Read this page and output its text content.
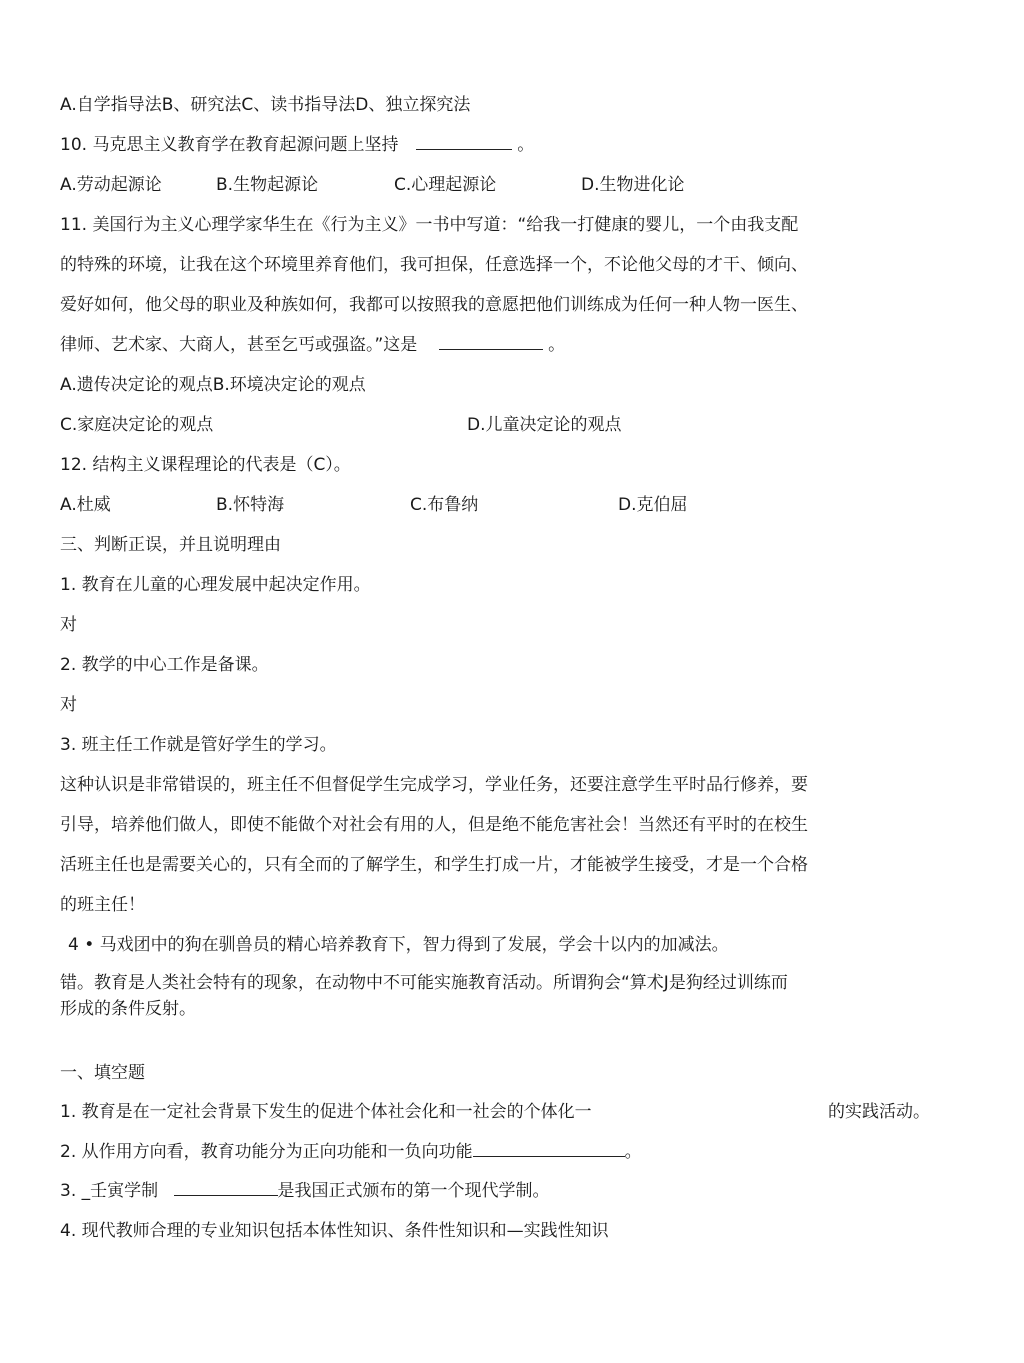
A.自学指导法B、研究法C、读书指导法D、独立探究法
10. 马克思主义教育学在教育起源问题上坚持	。
A.劳动起源论	B.生物起源论	C.心理起源论	D.生物进化论
11. 美国行为主义心理学家华生在《行为主义》一书中写道：“给我一打健康的婴儿，一个由我支配
的特殊的环境，让我在这个环境里养育他们，我可担保，任意选择一个，不论他父母的才干、倾向、
爱好如何，他父母的职业及种族如何，我都可以按照我的意愿把他们训练成为任何一种人物一医生、
律师、艺术家、大商人，甚至乞丐或强盗。”这是	。
A.遗传决定论的观点B.环境决定论的观点
C.家庭决定论的观点	D.儿童决定论的观点
12. 结构主义课程理论的代表是（C）。
A.杜威	B.怀特海	C.布鲁纳	D.克伯屈
三、判断正误，并且说明理由
1. 教育在儿童的心理发展中起决定作用。
对
2. 教学的中心工作是备课。
对
3. 班主任工作就是管好学生的学习。
这种认识是非常错误的，班主任不但督促学生完成学习，学业任务，还要注意学生平时品行修养，要
引导，培养他们做人，即使不能做个对社会有用的人，但是绝不能危害社会！当然还有平时的在校生
活班主任也是需要关心的，只有全而的了解学生，和学生打成一片，才能被学生接受，才是一个合格
的班主任！
4 • 马戏团中的狗在驯兽员的精心培养教育下，智力得到了发展，学会十以内的加减法。
错。教育是人类社会特有的现象，在动物中不可能实施教育活动。所谓狗会“算术J是狗经过训练而
形成的条件反射。
一、填空题
1. 教育是在一定社会背景下发生的促进个体社会化和一社会的个体化一	的实践活动。
2. 从作用方向看，教育功能分为正向功能和一负向功能	。
3. _壬寅学制	是我国正式颁布的第一个现代学制。
4. 现代教师合理的专业知识包括本体性知识、条件性知识和—实践性知识
